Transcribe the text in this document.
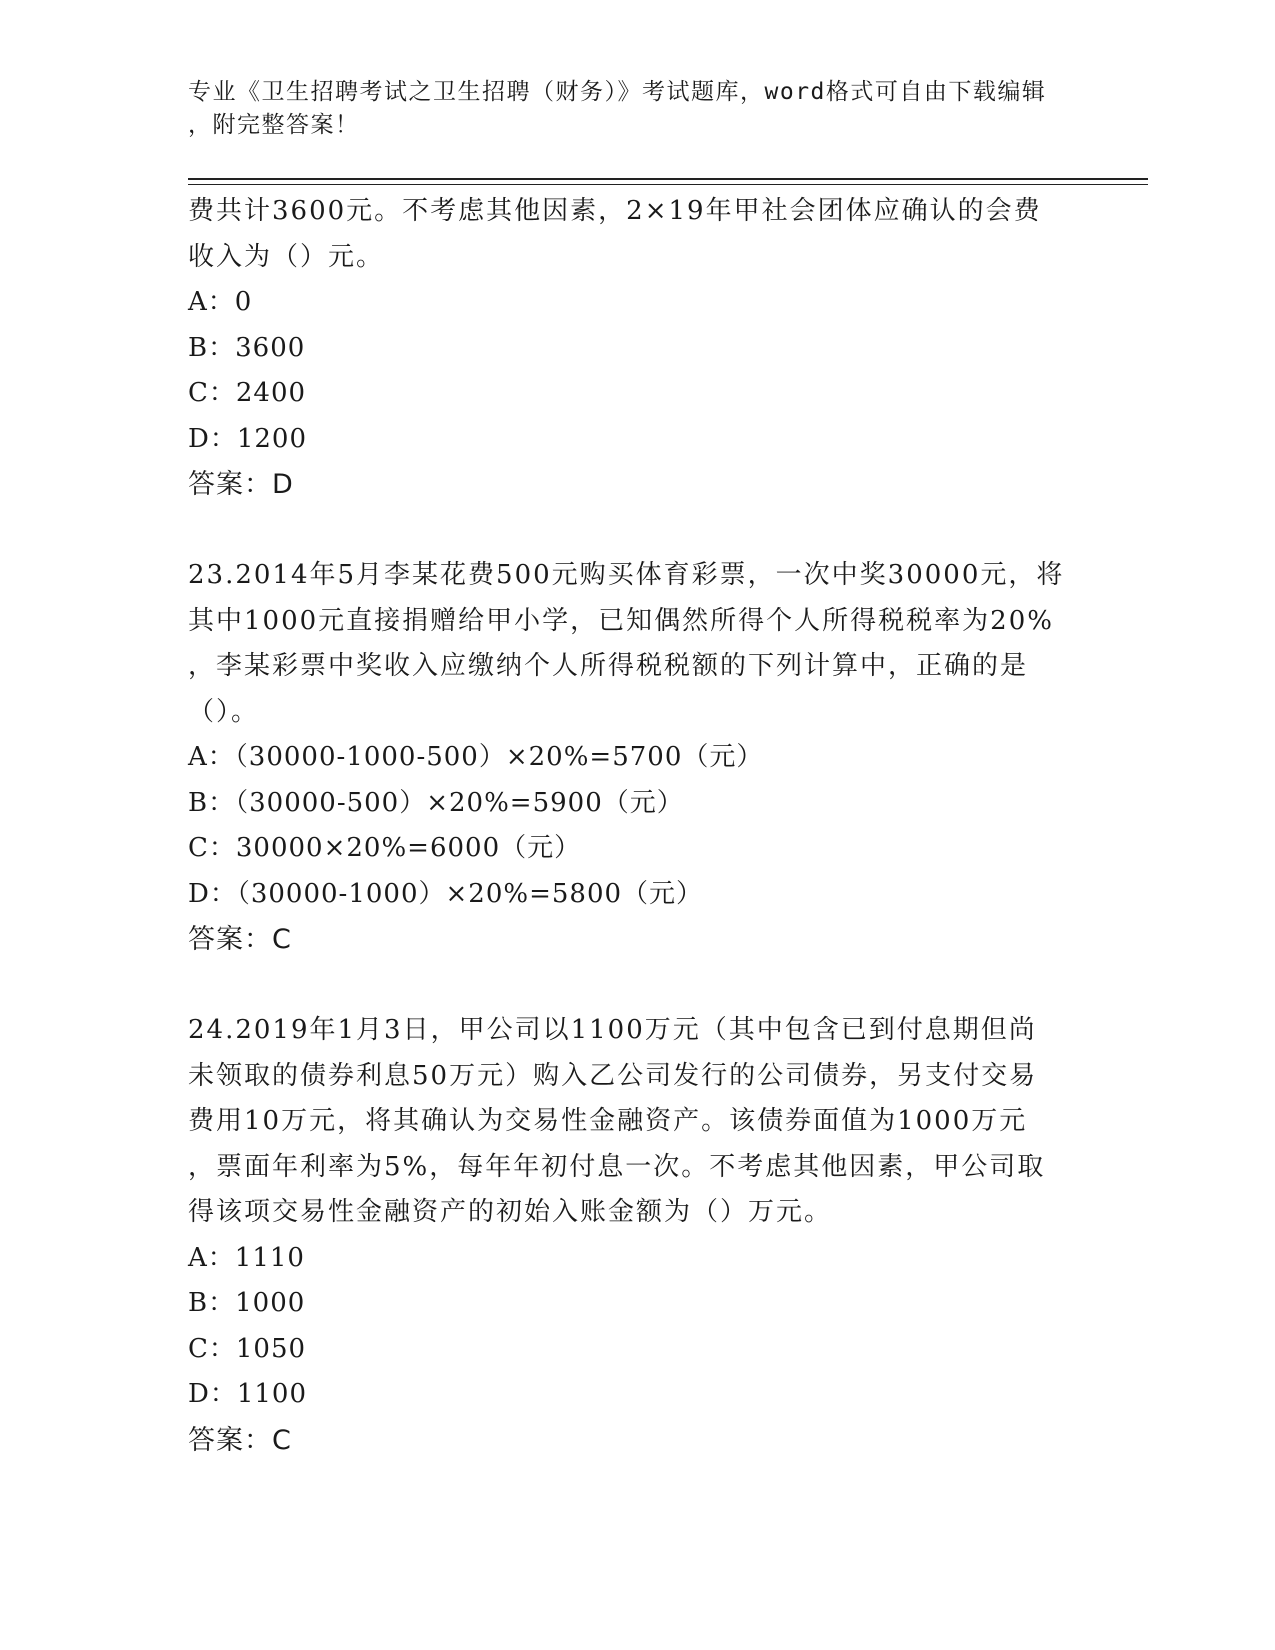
专业《卫生招聘考试之卫生招聘（财务）》考试题库，word格式可自由下载编辑
，附完整答案！

费共计3600元。不考虑其他因素，2×19年甲社会团体应确认的会费

收入为（）元。

A：0

B：3600

C：2400

D：1200

答案：D

23.2014年5月李某花费500元购买体育彩票，一次中奖30000元，将

其中1000元直接捐赠给甲小学，已知偶然所得个人所得税税率为20%

，李某彩票中奖收入应缴纳个人所得税税额的下列计算中，正确的是

（）。

A：（30000-1000-500）×20%=5700（元）

B：（30000-500）×20%=5900（元）

C：30000×20%=6000（元）

D：（30000-1000）×20%=5800（元）

答案：C

24.2019年1月3日，甲公司以1100万元（其中包含已到付息期但尚

未领取的债券利息50万元）购入乙公司发行的公司债券，另支付交易

费用10万元，将其确认为交易性金融资产。该债券面值为1000万元

，票面年利率为5%，每年年初付息一次。不考虑其他因素，甲公司取

得该项交易性金融资产的初始入账金额为（）万元。

A：1110

B：1000

C：1050

D：1100

答案：C
